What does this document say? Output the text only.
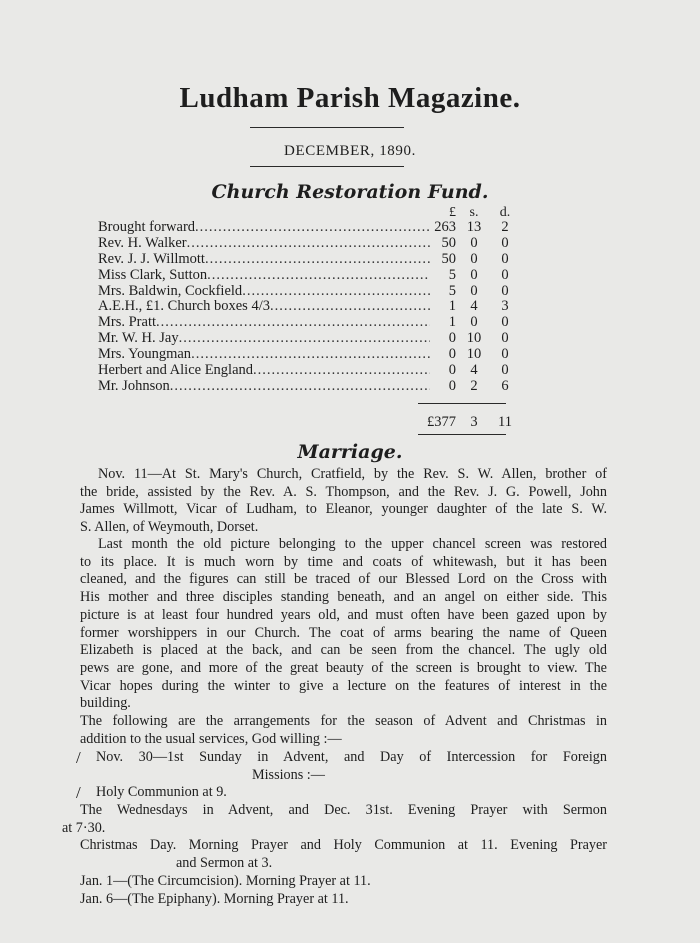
Ludham Parish Magazine.
DECEMBER, 1890.
Church Restoration Fund.
£ s. d.
Brought forward .....	263 13	2
Rev. H. Walker .....	50 0	0
Rev. J. J. Willmott .....	50 0	0
Miss Clark, Sutton .....	5 0	0
Mrs. Baldwin, Cockfield .....	5 0	0
A.E.H., £1. Church boxes 4/3 .....	1 4	3
Mrs. Pratt .....	1 0	0
Mr. W. H. Jay .....	0 10	0
Mrs. Youngman .....	0 10	0
Herbert and Alice England .....	0 4	0
Mr. Johnson .....	0 2	6
£377 3 11
Marriage.
Nov. 11—At St. Mary's Church, Cratfield, by the Rev. S. W. Allen, brother of
the bride, assisted by the Rev. A. S. Thompson, and the Rev. J. G. Powell, John
James Willmott, Vicar of Ludham, to Eleanor, younger daughter of the late S. W.
S. Allen, of Weymouth, Dorset.
Last month the old picture belonging to the upper chancel screen was restored
to its place. It is much worn by time and coats of whitewash, but it has been
cleaned, and the figures can still be traced of our Blessed Lord on the Cross with
His mother and three disciples standing beneath, and an angel on either side. This
picture is at least four hundred years old, and must often have been gazed upon by
former worshippers in our Church. The coat of arms bearing the name of Queen
Elizabeth is placed at the back, and can be seen from the chancel. The ugly old
pews are gone, and more of the great beauty of the screen is brought to view. The
Vicar hopes during the winter to give a lecture on the features of interest in the
building.
The following are the arrangements for the season of Advent and Christmas in
addition to the usual services, God willing :—
/ Nov. 30—1st Sunday in Advent, and Day of Intercession for Foreign
Missions :—
/ Holy Communion at 9.
The Wednesdays in Advent, and Dec. 31st. Evening Prayer with Sermon
at 7·30.
Christmas Day. Morning Prayer and Holy Communion at 11. Evening Prayer
and Sermon at 3.
Jan. 1—(The Circumcision). Morning Prayer at 11.
Jan. 6—(The Epiphany). Morning Prayer at 11.
